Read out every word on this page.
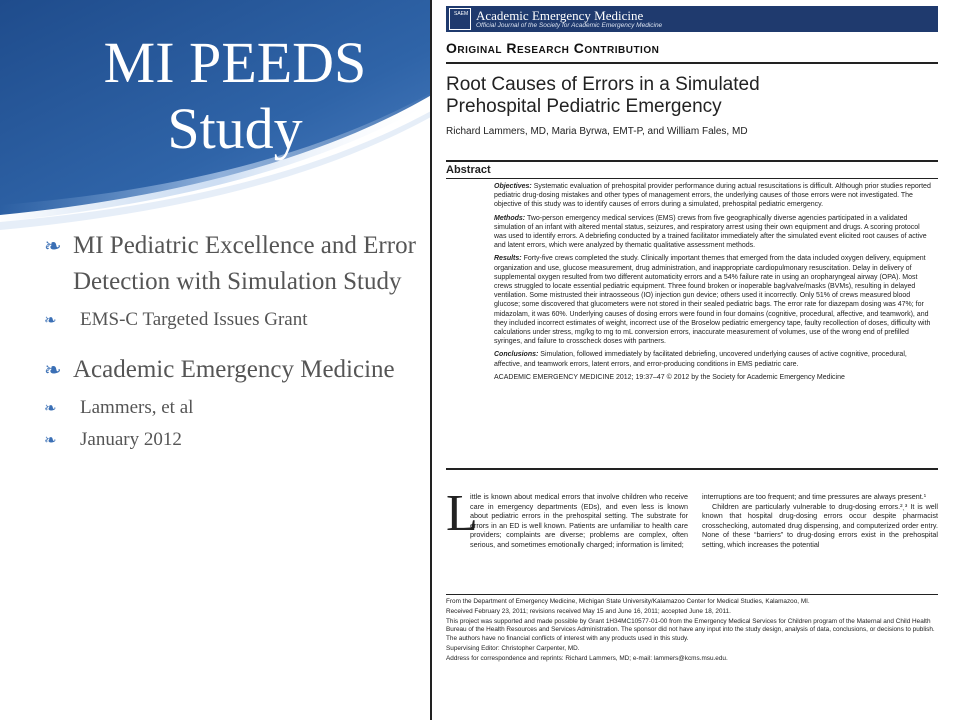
MI PEEDS
Study
❧ MI Pediatric Excellence and Error Detection with Simulation Study
❧ EMS-C Targeted Issues Grant
❧ Academic Emergency Medicine
❧ Lammers, et al
❧ January 2012
SAEM Academic Emergency Medicine
Official Journal of the Society for Academic Emergency Medicine
Original Research Contribution
Root Causes of Errors in a Simulated
Prehospital Pediatric Emergency
Richard Lammers, MD, Maria Byrwa, EMT-P, and William Fales, MD
Abstract

Objectives: Systematic evaluation of prehospital provider performance during actual resuscitations is difficult. Although prior studies reported pediatric drug-dosing mistakes and other types of management errors, the underlying causes of those errors were not investigated. The objective of this study was to identify causes of errors during a simulated, prehospital pediatric emergency.

Methods: Two-person emergency medical services (EMS) crews from five geographically diverse agencies participated in a validated simulation of an infant with altered mental status, seizures, and respiratory arrest using their own equipment and drugs. A scoring protocol was used to identify errors. A debriefing conducted by a trained facilitator immediately after the simulated event elicited root causes of active and latent errors, which were analyzed by thematic qualitative assessment methods.

Results: Forty-five crews completed the study. Clinically important themes that emerged from the data included oxygen delivery, equipment organization and use, glucose measurement, drug administration, and inappropriate cardiopulmonary resuscitation. Delay in delivery of supplemental oxygen resulted from two different automaticity errors and a 54% failure rate in using an oropharyngeal airway (OPA). Most crews struggled to locate essential pediatric equipment. Three found broken or inoperable bag/valve/masks (BVMs), resulting in delayed ventilation. Some mistrusted their intraosseous (IO) injection gun device; others used it incorrectly. Only 51% of crews measured blood glucose; some discovered that glucometers were not stored in their sealed pediatric bags. The error rate for diazepam dosing was 47%; for midazolam, it was 60%. Underlying causes of dosing errors were found in four domains (cognitive, procedural, affective, and teamwork), and they included incorrect estimates of weight, incorrect use of the Broselow pediatric emergency tape, faulty recollection of doses, difficulty with calculations under stress, mg/kg to mg to mL conversion errors, inaccurate measurement of volumes, use of the wrong end of prefilled syringes, and failure to crosscheck doses with partners.

Conclusions: Simulation, followed immediately by facilitated debriefing, uncovered underlying causes of active cognitive, procedural, affective, and teamwork errors, latent errors, and error-producing conditions in EMS pediatric care.

ACADEMIC EMERGENCY MEDICINE 2012; 19:37–47 © 2012 by the Society for Academic Emergency Medicine

L
ittle is known about medical errors that involve children who receive care in emergency departments (EDs), and even less is known about pediatric errors in the prehospital setting. The substrate for errors in an ED is well known. Patients are unfamiliar to health care providers; complaints are diverse; problems are complex, often serious, and sometimes emotionally charged; information is limited;

interruptions are too frequent; and time pressures are always present.¹

Children are particularly vulnerable to drug-dosing errors.²ˎ³ It is well known that hospital drug-dosing errors occur despite pharmacist crosschecking, automated drug dispensing, and computerized order entry. None of these “barriers” to drug-dosing errors exist in the prehospital setting, which increases the potential

From the Department of Emergency Medicine, Michigan State University/Kalamazoo Center for Medical Studies, Kalamazoo, MI.

Received February 23, 2011; revisions received May 15 and June 16, 2011; accepted June 18, 2011.

This project was supported and made possible by Grant 1H34MC10577-01-00 from the Emergency Medical Services for Children program of the Maternal and Child Health Bureau of the Health Resources and Services Administration. The sponsor did not have any input into the study design, analysis of data, conclusions, or decisions to publish. The authors have no financial conflicts of interest with any products used in this study.

Supervising Editor: Christopher Carpenter, MD.

Address for correspondence and reprints: Richard Lammers, MD; e-mail: lammers@kcms.msu.edu.
